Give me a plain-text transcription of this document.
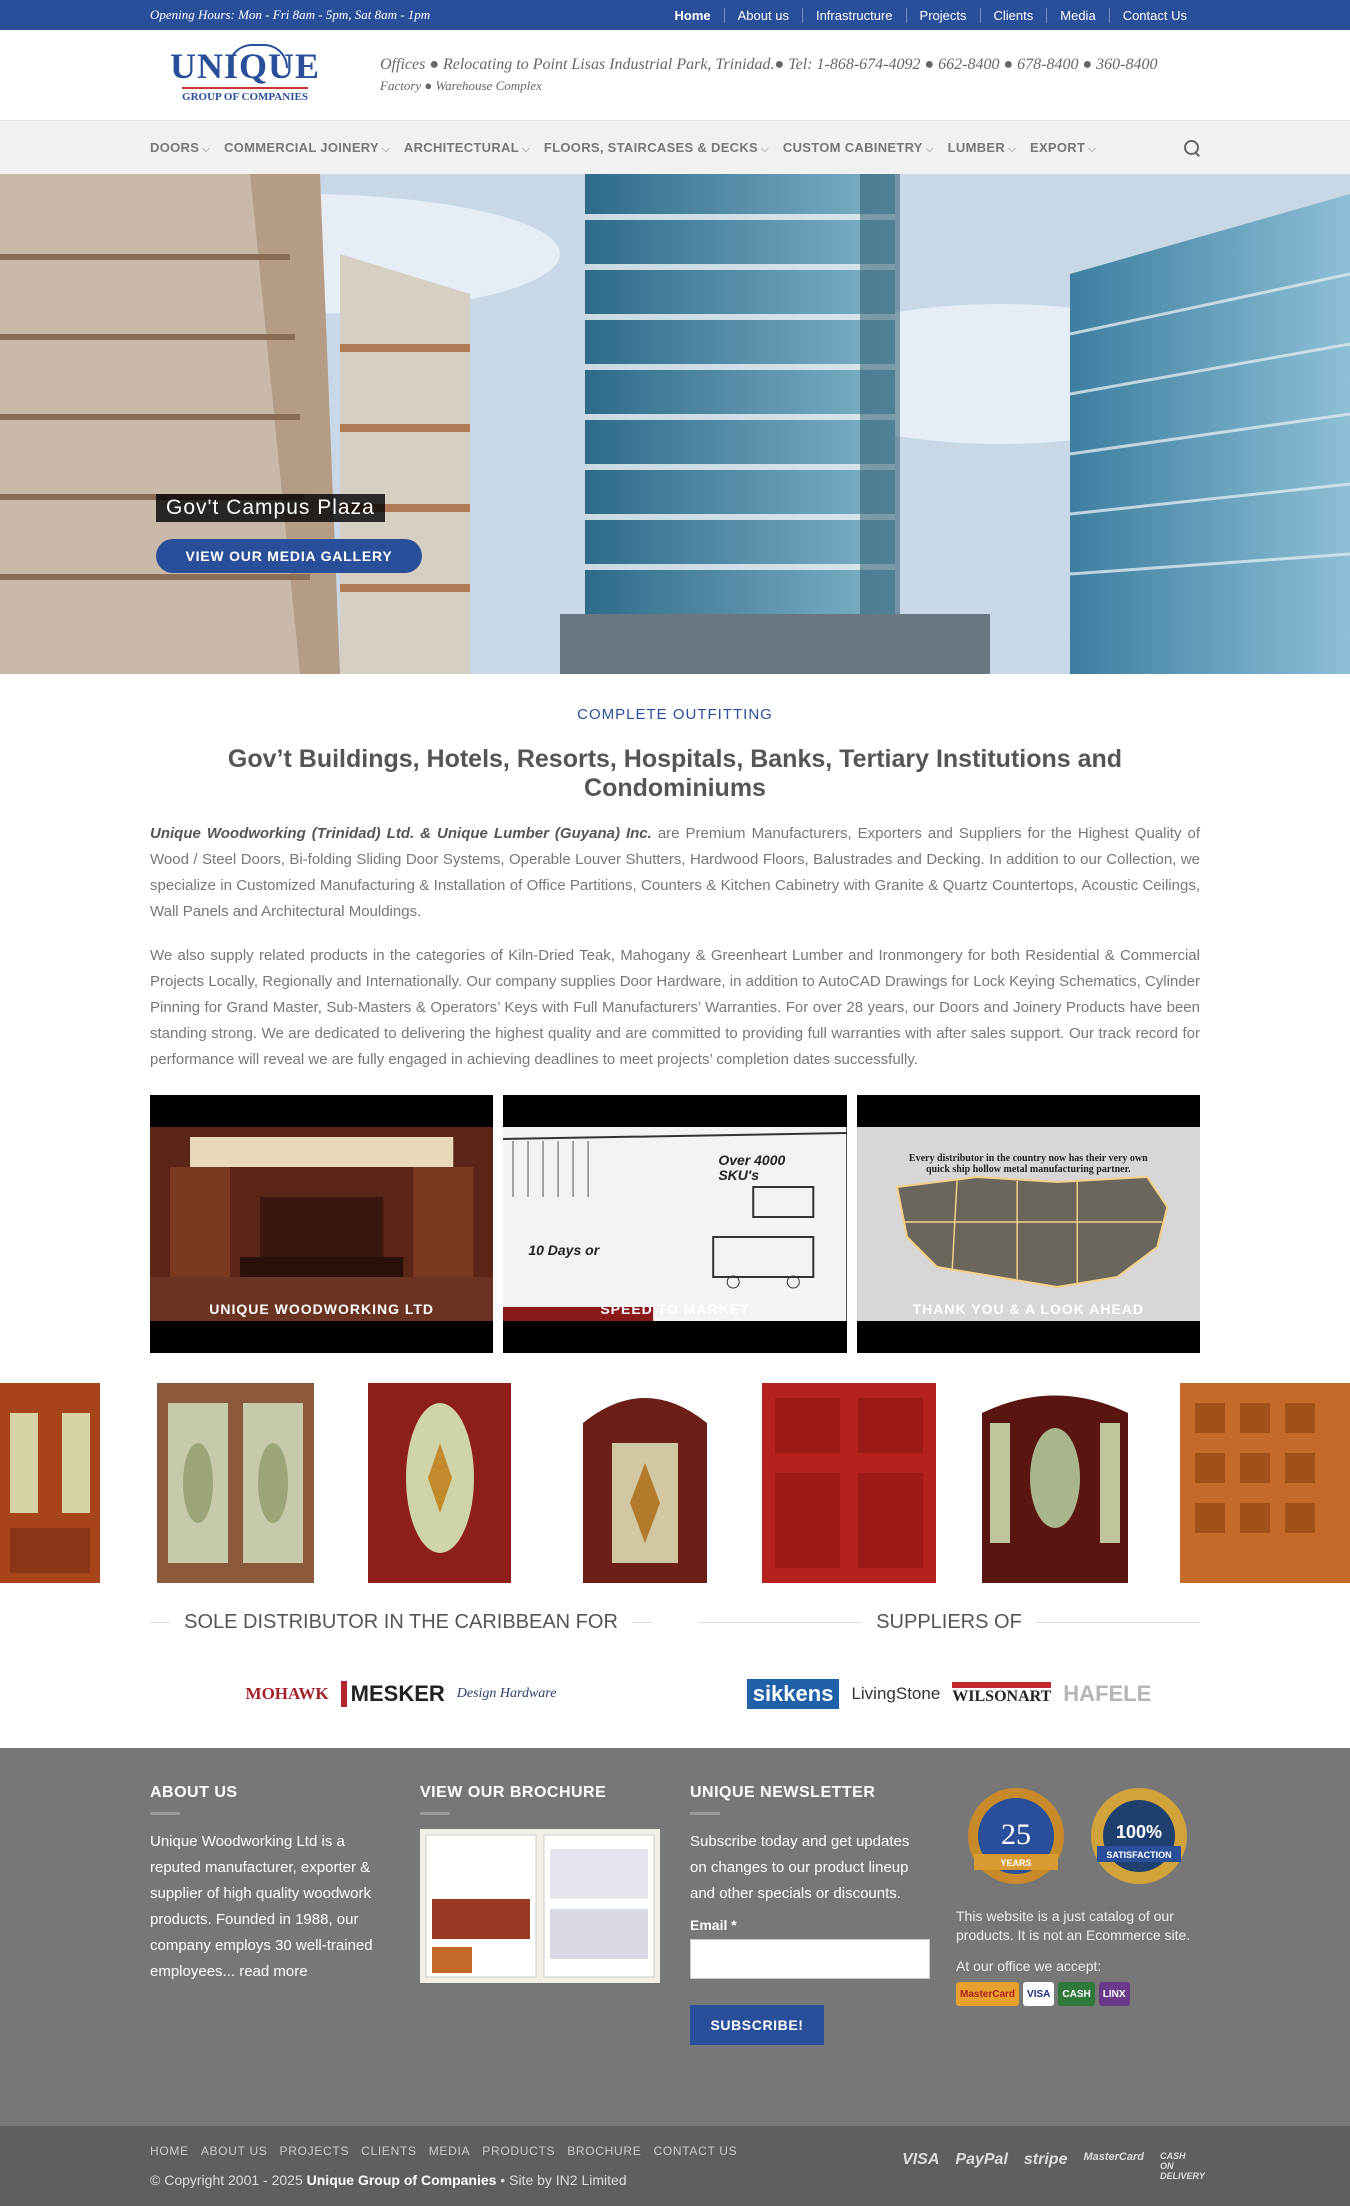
Opening Hours: Mon - Fri 8am - 5pm, Sat 8am - 1pm	Home	About us	Infrastructure	Projects	Clients	Media	Contact Us
UNIQUE
GROUP OF COMPANIES
Offices ● Relocating to Point Lisas Industrial Park, Trinidad.● Tel: 1-868-674-4092 ● 662-8400 ● 678-8400 ● 360-8400
Factory ● Warehouse Complex
DOORS ⌵ COMMERCIAL JOINERY ⌵ ARCHITECTURAL ⌵ FLOORS, STAIRCASES & DECKS ⌵ CUSTOM CABINETRY ⌵ LUMBER ⌵ EXPORT ⌵
Gov't Campus Plaza
VIEW OUR MEDIA GALLERY
COMPLETE OUTFITTING
Gov’t Buildings, Hotels, Resorts, Hospitals, Banks, Tertiary Institutions and Condominiums

Unique Woodworking (Trinidad) Ltd. & Unique Lumber (Guyana) Inc. are Premium Manufacturers, Exporters and Suppliers for the Highest Quality of Wood / Steel Doors, Bi-folding Sliding Door Systems, Operable Louver Shutters, Hardwood Floors, Balustrades and Decking. In addition to our Collection, we specialize in Customized Manufacturing & Installation of Office Partitions, Counters & Kitchen Cabinetry with Granite & Quartz Countertops, Acoustic Ceilings, Wall Panels and Architectural Mouldings.

We also supply related products in the categories of Kiln-Dried Teak, Mahogany & Greenheart Lumber and Ironmongery for both Residential & Commercial Projects Locally, Regionally and Internationally. Our company supplies Door Hardware, in addition to AutoCAD Drawings for Lock Keying Schematics, Cylinder Pinning for Grand Master, Sub-Masters & Operators’ Keys with Full Manufacturers’ Warranties. For over 28 years, our Doors and Joinery Products have been standing strong. We are dedicated to delivering the highest quality and are committed to providing full warranties with after sales support. Our track record for performance will reveal we are fully engaged in achieving deadlines to meet projects’ completion dates successfully.

UNIQUE WOODWORKING LTD
Over 4000 SKU's
10 Days or
SPEED TO MARKET
Every distributor in the country now has their very own quick ship hollow metal manufacturing partner.
THANK YOU & A LOOK AHEAD
SOLE DISTRIBUTOR IN THE CARIBBEAN FOR
MOHAWK	MESKER Design Hardware
SUPPLIERS OF
sikkens	LivingStone WILSONART HAFELE
ABOUT US

Unique Woodworking Ltd is a reputed manufacturer, exporter & supplier of high quality woodwork products. Founded in 1988, our company employs 30 well-trained employees... read more

VIEW OUR BROCHURE	UNIQUE NEWSLETTER

Subscribe today and get updates on changes to our product lineup and other specials or discounts.

Email *
SUBSCRIBE!
25
YEARS
100%
SATISFACTION
This website is a just catalog of our products. It is not an Ecommerce site.
At our office we accept:
MasterCard	VISA	CASH	LINX
HOME ABOUT US PROJECTS CLIENTS MEDIA PRODUCTS BROCHURE CONTACT US
© Copyright 2001 - 2025 Unique Group of Companies • Site by IN2 Limited
VISA PayPal stripe MasterCard CASH ON DELIVERY
